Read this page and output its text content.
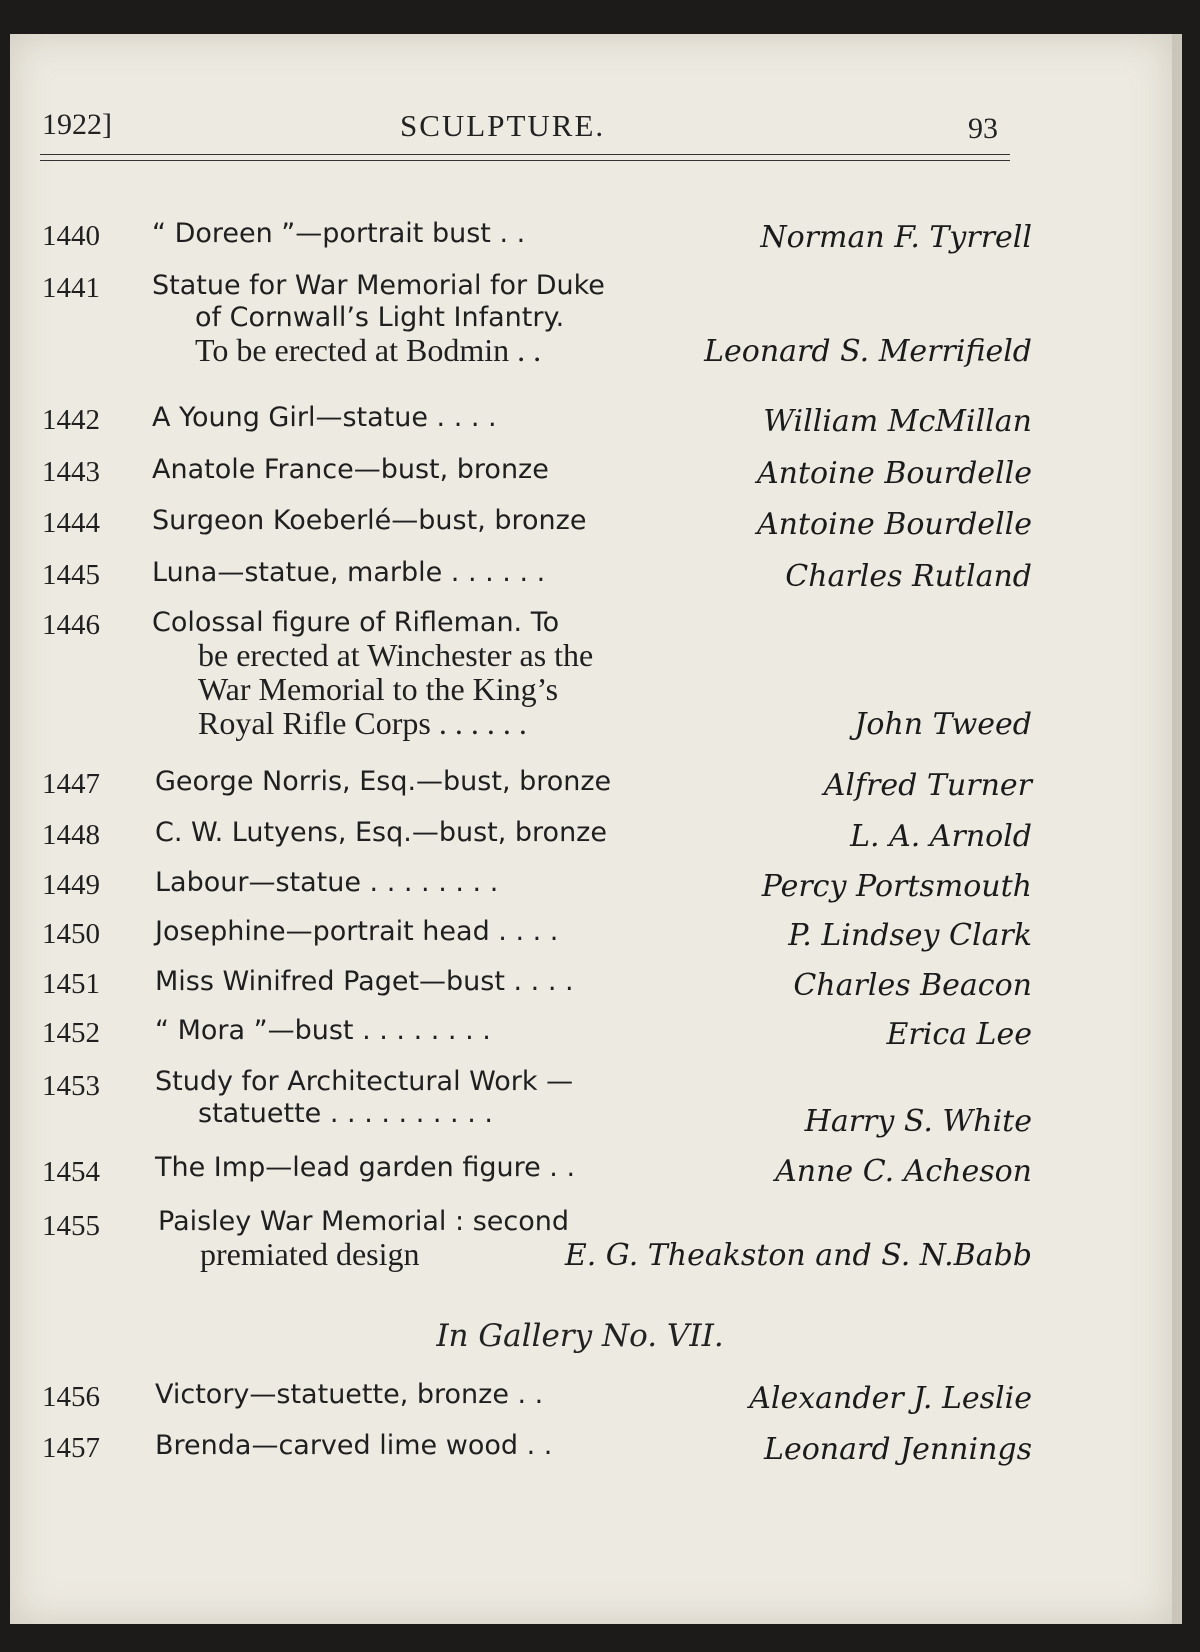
1922]	SCULPTURE.	93
1440 “ Doreen ”—portrait bust . .	Norman F. Tyrrell
1441 Statue for War Memorial for Duke
of Cornwall’s Light Infantry.
To be erected at Bodmin . .	Leonard S. Merrifield
1442 A Young Girl—statue . . . .	William McMillan
1443 Anatole France—bust, bronze	Antoine Bourdelle
1444 Surgeon Koeberlé—bust, bronze	Antoine Bourdelle
1445 Luna—statue, marble . . . . . .	Charles Rutland
1446 Colossal figure of Rifleman. To
be erected at Winchester as the
War Memorial to the King’s
Royal Rifle Corps . . . . . .	John Tweed
1447 George Norris, Esq.—bust, bronze	Alfred Turner
1448 C. W. Lutyens, Esq.—bust, bronze	L. A. Arnold
1449 Labour—statue . . . . . . . .	Percy Portsmouth
1450 Josephine—portrait head . . . .	P. Lindsey Clark
1451 Miss Winifred Paget—bust . . . .	Charles Beacon
1452 “ Mora ”—bust . . . . . . . .	Erica Lee
1453 Study for Architectural Work —
statuette . . . . . . . . . .	Harry S. White
1454 The Imp—lead garden figure . .	Anne C. Acheson
1455 Paisley War Memorial : second
premiated design	E. G. Theakston and S. N.Babb
In Gallery No. VII.
1456 Victory—statuette, bronze . .	Alexander J. Leslie
1457 Brenda—carved lime wood . .	Leonard Jennings
